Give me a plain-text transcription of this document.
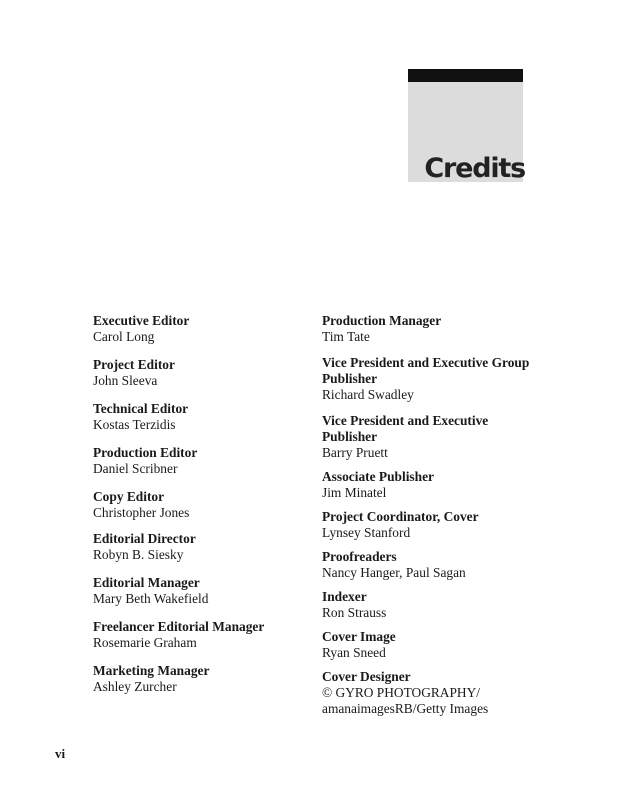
Credits
Executive Editor
Carol Long
Project Editor
John Sleeva
Technical Editor
Kostas Terzidis
Production Editor
Daniel Scribner
Copy Editor
Christopher Jones
Editorial Director
Robyn B. Siesky
Editorial Manager
Mary Beth Wakefield
Freelancer Editorial Manager
Rosemarie Graham
Marketing Manager
Ashley Zurcher
Production Manager
Tim Tate
Vice President and Executive Group Publisher
Richard Swadley
Vice President and Executive Publisher
Barry Pruett
Associate Publisher
Jim Minatel
Project Coordinator, Cover
Lynsey Stanford
Proofreaders
Nancy Hanger, Paul Sagan
Indexer
Ron Strauss
Cover Image
Ryan Sneed
Cover Designer
© GYRO PHOTOGRAPHY/ amanaimagesRB/Getty Images
vi
